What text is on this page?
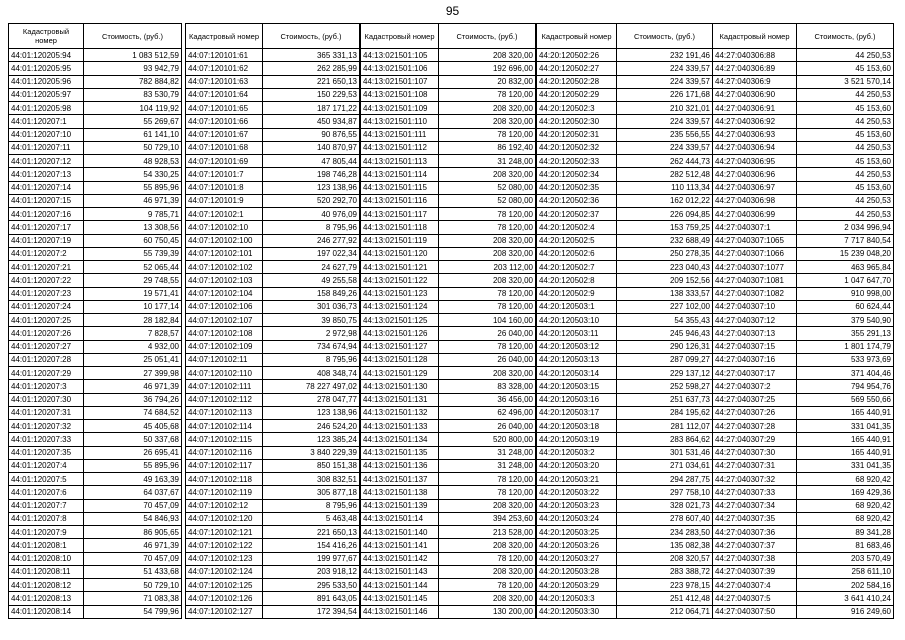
95
Кадастровый номер	Стоимость, (руб.)
44:01:120205:94	1 083 512,59
44:01:120205:95	93 942,79
44:01:120205:96	782 884,82
44:01:120205:97	83 530,79
44:01:120205:98	104 119,92
44:01:120207:1	55 269,67
44:01:120207:10	61 141,10
44:01:120207:11	50 729,10
44:01:120207:12	48 928,53
44:01:120207:13	54 330,25
44:01:120207:14	55 895,96
44:01:120207:15	46 971,39
44:01:120207:16	9 785,71
44:01:120207:17	13 308,56
44:01:120207:19	60 750,45
44:01:120207:2	55 739,39
44:01:120207:21	52 065,44
44:01:120207:22	29 748,55
44:01:120207:23	19 571,41
44:01:120207:24	10 177,14
44:01:120207:25	28 182,84
44:01:120207:26	7 828,57
44:01:120207:27	4 932,00
44:01:120207:28	25 051,41
44:01:120207:29	27 399,98
44:01:120207:3	46 971,39
44:01:120207:30	36 794,26
44:01:120207:31	74 684,52
44:01:120207:32	45 405,68
44:01:120207:33	50 337,68
44:01:120207:35	26 695,41
44:01:120207:4	55 895,96
44:01:120207:5	49 163,39
44:01:120207:6	64 037,67
44:01:120207:7	70 457,09
44:01:120207:8	54 846,93
44:01:120207:9	86 905,65
44:01:120208:1	46 971,39
44:01:120208:10	70 457,09
44:01:120208:11	51 433,68
44:01:120208:12	50 729,10
44:01:120208:13	71 083,38
44:01:120208:14	54 799,96
Кадастровый номер	Стоимость, (руб.)
44:07:120101:61	365 331,13
44:07:120101:62	262 285,99
44:07:120101:63	221 650,13
44:07:120101:64	150 229,53
44:07:120101:65	187 171,22
44:07:120101:66	450 934,87
44:07:120101:67	90 876,55
44:07:120101:68	140 870,97
44:07:120101:69	47 805,44
44:07:120101:7	198 746,28
44:07:120101:8	123 138,96
44:07:120101:9	520 292,70
44:07:120102:1	40 976,09
44:07:120102:10	8 795,96
44:07:120102:100	246 277,92
44:07:120102:101	197 022,34
44:07:120102:102	24 627,79
44:07:120102:103	49 255,58
44:07:120102:104	158 849,26
44:07:120102:106	301 036,73
44:07:120102:107	39 850,75
44:07:120102:108	2 972,98
44:07:120102:109	734 674,94
44:07:120102:11	8 795,96
44:07:120102:110	408 348,74
44:07:120102:111	78 227 497,02
44:07:120102:112	278 047,77
44:07:120102:113	123 138,96
44:07:120102:114	246 524,20
44:07:120102:115	123 385,24
44:07:120102:116	3 840 229,39
44:07:120102:117	850 151,38
44:07:120102:118	308 832,51
44:07:120102:119	305 877,18
44:07:120102:12	8 795,96
44:07:120102:120	5 463,48
44:07:120102:121	221 650,13
44:07:120102:122	154 416,26
44:07:120102:123	199 977,67
44:07:120102:124	203 918,12
44:07:120102:125	295 533,50
44:07:120102:126	891 643,05
44:07:120102:127	172 394,54
Кадастровый номер	Стоимость, (руб.)
44:13:021501:105	208 320,00
44:13:021501:106	192 696,00
44:13:021501:107	20 832,00
44:13:021501:108	78 120,00
44:13:021501:109	208 320,00
44:13:021501:110	208 320,00
44:13:021501:111	78 120,00
44:13:021501:112	86 192,40
44:13:021501:113	31 248,00
44:13:021501:114	208 320,00
44:13:021501:115	52 080,00
44:13:021501:116	52 080,00
44:13:021501:117	78 120,00
44:13:021501:118	78 120,00
44:13:021501:119	208 320,00
44:13:021501:120	208 320,00
44:13:021501:121	203 112,00
44:13:021501:122	208 320,00
44:13:021501:123	78 120,00
44:13:021501:124	78 120,00
44:13:021501:125	104 160,00
44:13:021501:126	26 040,00
44:13:021501:127	78 120,00
44:13:021501:128	26 040,00
44:13:021501:129	208 320,00
44:13:021501:130	83 328,00
44:13:021501:131	36 456,00
44:13:021501:132	62 496,00
44:13:021501:133	26 040,00
44:13:021501:134	520 800,00
44:13:021501:135	31 248,00
44:13:021501:136	31 248,00
44:13:021501:137	78 120,00
44:13:021501:138	78 120,00
44:13:021501:139	208 320,00
44:13:021501:14	394 253,60
44:13:021501:140	213 528,00
44:13:021501:141	208 320,00
44:13:021501:142	78 120,00
44:13:021501:143	208 320,00
44:13:021501:144	78 120,00
44:13:021501:145	208 320,00
44:13:021501:146	130 200,00
Кадастровый номер	Стоимость, (руб.)
44:20:120502:26	232 191,46
44:20:120502:27	224 339,57
44:20:120502:28	224 339,57
44:20:120502:29	226 171,68
44:20:120502:3	210 321,01
44:20:120502:30	224 339,57
44:20:120502:31	235 556,55
44:20:120502:32	224 339,57
44:20:120502:33	262 444,73
44:20:120502:34	282 512,48
44:20:120502:35	110 113,34
44:20:120502:36	162 012,22
44:20:120502:37	226 094,85
44:20:120502:4	153 759,25
44:20:120502:5	232 688,49
44:20:120502:6	250 278,35
44:20:120502:7	223 040,43
44:20:120502:8	209 152,56
44:20:120502:9	138 333,57
44:20:120503:1	227 102,00
44:20:120503:10	54 355,43
44:20:120503:11	245 946,43
44:20:120503:12	290 126,31
44:20:120503:13	287 099,27
44:20:120503:14	229 137,12
44:20:120503:15	252 598,27
44:20:120503:16	251 637,73
44:20:120503:17	284 195,62
44:20:120503:18	281 112,07
44:20:120503:19	283 864,62
44:20:120503:2	301 531,46
44:20:120503:20	271 034,61
44:20:120503:21	294 287,75
44:20:120503:22	297 758,10
44:20:120503:23	328 021,73
44:20:120503:24	278 607,40
44:20:120503:25	234 283,50
44:20:120503:26	135 082,38
44:20:120503:27	208 320,57
44:20:120503:28	283 388,72
44:20:120503:29	223 978,15
44:20:120503:3	251 412,48
44:20:120503:30	212 064,71
Кадастровый номер	Стоимость, (руб.)
44:27:040306:88	44 250,53
44:27:040306:89	45 153,60
44:27:040306:9	3 521 570,14
44:27:040306:90	44 250,53
44:27:040306:91	45 153,60
44:27:040306:92	44 250,53
44:27:040306:93	45 153,60
44:27:040306:94	44 250,53
44:27:040306:95	45 153,60
44:27:040306:96	44 250,53
44:27:040306:97	45 153,60
44:27:040306:98	44 250,53
44:27:040306:99	44 250,53
44:27:040307:1	2 034 996,94
44:27:040307:1065	7 717 840,54
44:27:040307:1066	15 239 048,20
44:27:040307:1077	463 965,84
44:27:040307:1081	1 047 647,70
44:27:040307:1082	910 998,00
44:27:040307:10	60 624,44
44:27:040307:12	379 540,90
44:27:040307:13	355 291,13
44:27:040307:15	1 801 174,79
44:27:040307:16	533 973,69
44:27:040307:17	371 404,46
44:27:040307:2	794 954,76
44:27:040307:25	569 550,66
44:27:040307:26	165 440,91
44:27:040307:28	331 041,35
44:27:040307:29	165 440,91
44:27:040307:30	165 440,91
44:27:040307:31	331 041,35
44:27:040307:32	68 920,42
44:27:040307:33	169 429,36
44:27:040307:34	68 920,42
44:27:040307:35	68 920,42
44:27:040307:36	89 341,28
44:27:040307:37	81 683,46
44:27:040307:38	203 570,49
44:27:040307:39	258 611,10
44:27:040307:4	202 584,16
44:27:040307:5	3 641 410,24
44:27:040307:50	916 249,60
